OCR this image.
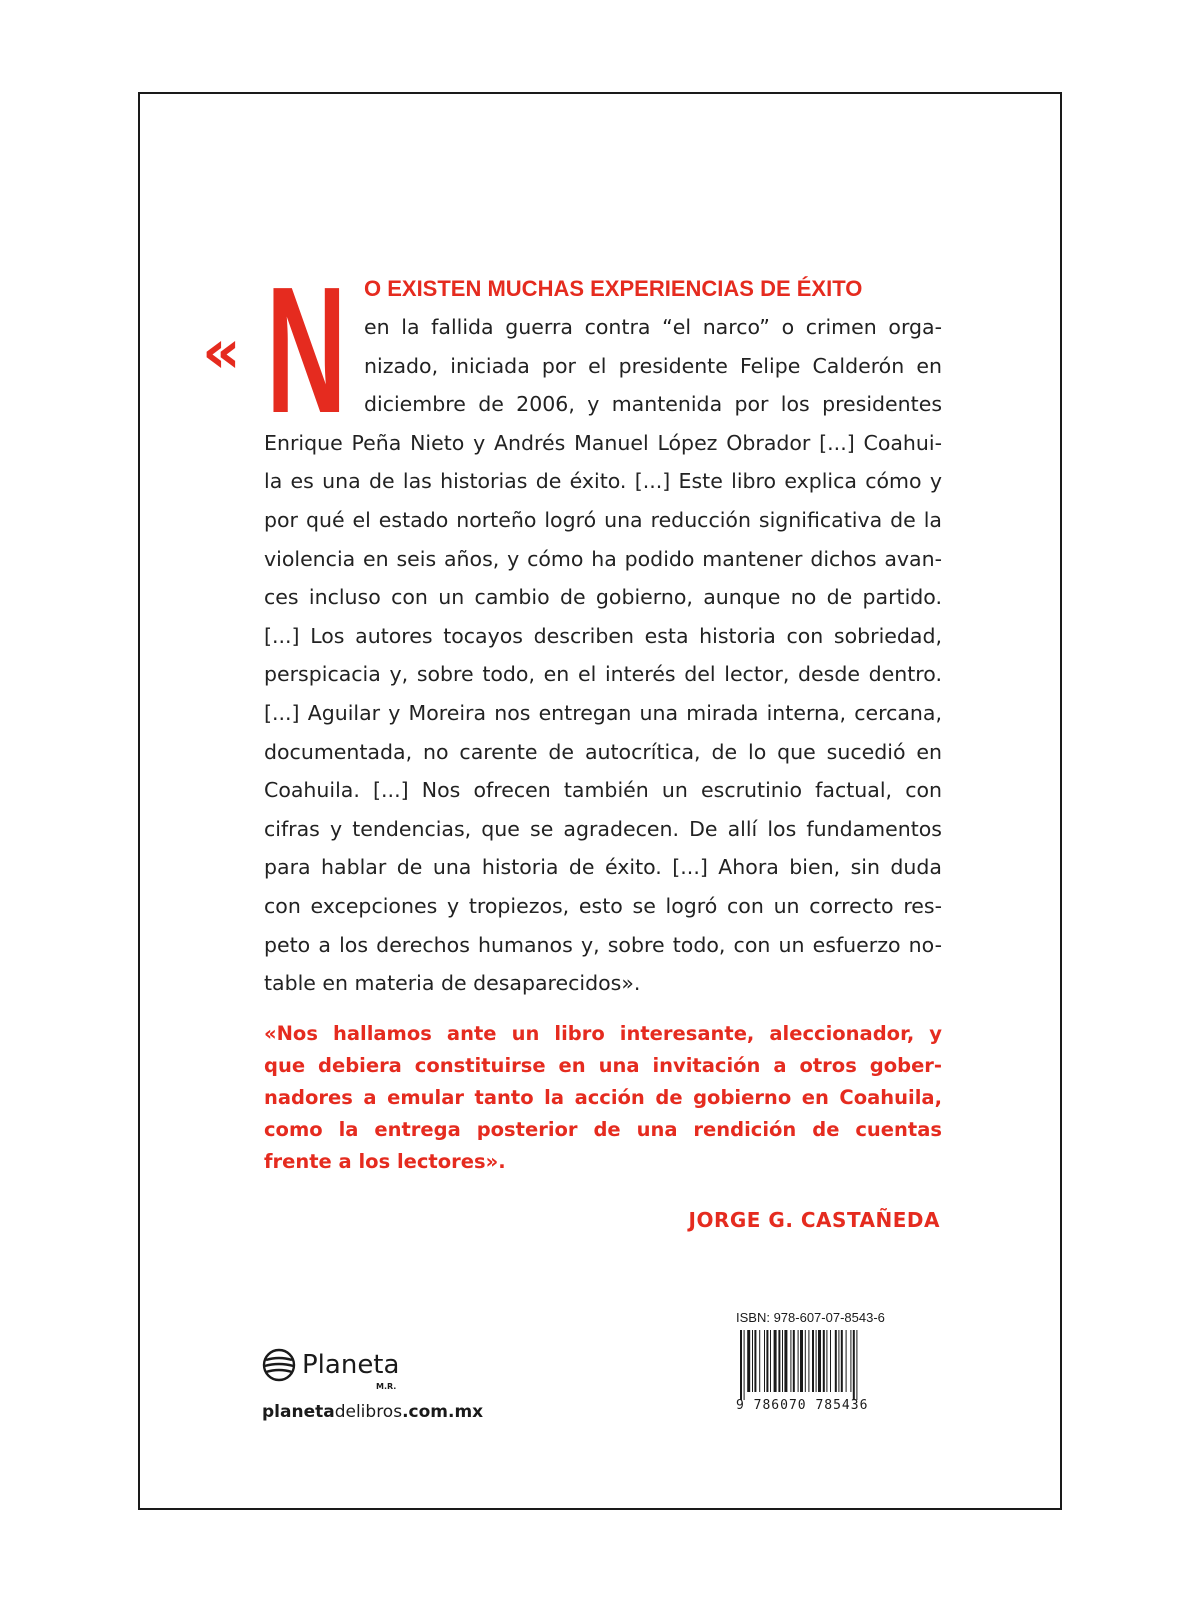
« N O EXISTEN MUCHAS EXPERIENCIAS DE ÉXITO
en la fallida guerra contra “el narco” o crimen orga-
nizado, iniciada por el presidente Felipe Calderón en
diciembre de 2006, y mantenida por los presidentes
Enrique Peña Nieto y Andrés Manuel López Obrador [...] Coahui-
la es una de las historias de éxito. [...] Este libro explica cómo y
por qué el estado norteño logró una reducción significativa de la
violencia en seis años, y cómo ha podido mantener dichos avan-
ces incluso con un cambio de gobierno, aunque no de partido.
[...] Los autores tocayos describen esta historia con sobriedad,
perspicacia y, sobre todo, en el interés del lector, desde dentro.
[...] Aguilar y Moreira nos entregan una mirada interna, cercana,
documentada, no carente de autocrítica, de lo que sucedió en
Coahuila. [...] Nos ofrecen también un escrutinio factual, con
cifras y tendencias, que se agradecen. De allí los fundamentos
para hablar de una historia de éxito. [...] Ahora bien, sin duda
con excepciones y tropiezos, esto se logró con un correcto res-
peto a los derechos humanos y, sobre todo, con un esfuerzo no-
table en materia de desaparecidos».
«Nos hallamos ante un libro interesante, aleccionador, y
que debiera constituirse en una invitación a otros gober-
nadores a emular tanto la acción de gobierno en Coahuila,
como la entrega posterior de una rendición de cuentas
frente a los lectores».
JORGE G. CASTAÑEDA
Planeta
M.R.
planetadelibros.com.mx
ISBN: 978-607-07-8543-6
9 786070 785436
